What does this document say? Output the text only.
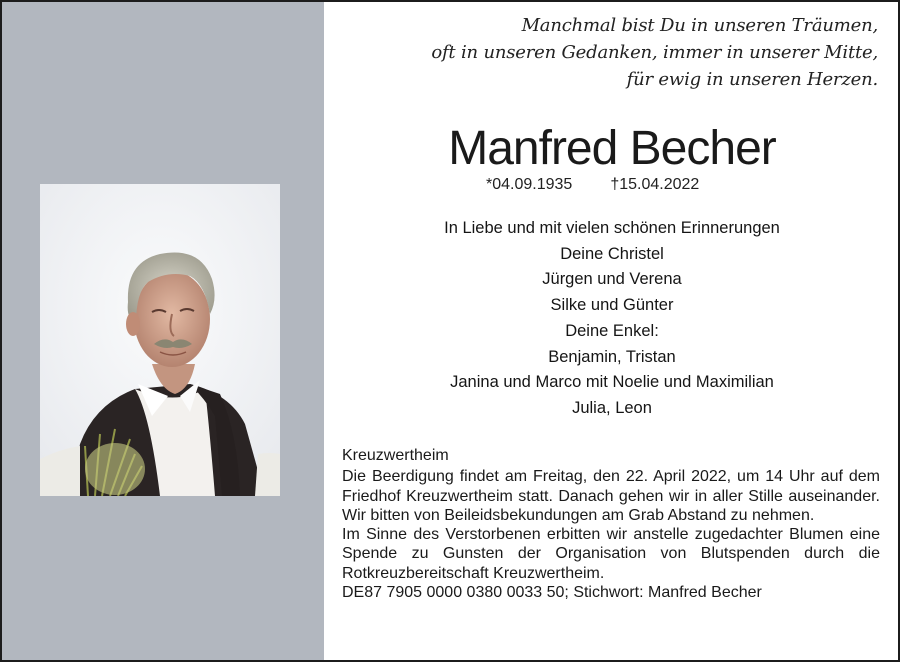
Manchmal bist Du in unseren Träumen,
oft in unseren Gedanken, immer in unserer Mitte,
für ewig in unseren Herzen.
Manfred Becher
*04.09.1935 †15.04.2022
In Liebe und mit vielen schönen Erinnerungen
Deine Christel
Jürgen und Verena
Silke und Günter
Deine Enkel:
Benjamin, Tristan
Janina und Marco mit Noelie und Maximilian
Julia, Leon
Kreuzwertheim

Die Beerdigung findet am Freitag, den 22. April 2022, um 14 Uhr auf dem Friedhof Kreuzwertheim statt. Danach gehen wir in aller Stille auseinander. Wir bitten von Beileidsbekundungen am Grab Abstand zu nehmen.

Im Sinne des Verstorbenen erbitten wir anstelle zugedachter Blumen eine Spende zu Gunsten der Organisation von Blutspenden durch die Rotkreuzbereitschaft Kreuzwertheim.

DE87 7905 0000 0380 0033 50; Stichwort: Manfred Becher
